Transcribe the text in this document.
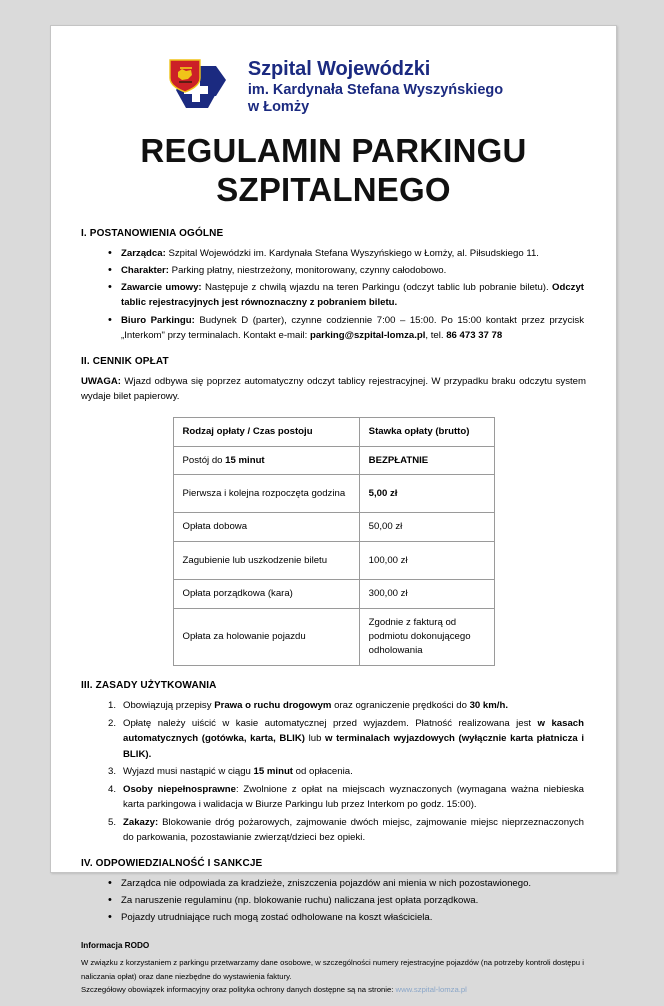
Szpital Wojewódzki
im. Kardynała Stefana Wyszyńskiego
w Łomży
REGULAMIN PARKINGU
SZPITALNEGO
I. POSTANOWIENIA OGÓLNE
• Zarządca: Szpital Wojewódzki im. Kardynała Stefana Wyszyńskiego w Łomży, al. Piłsudskiego 11.
• Charakter: Parking płatny, niestrzeżony, monitorowany, czynny całodobowo.
• Zawarcie umowy: Następuje z chwilą wjazdu na teren Parkingu (odczyt tablic lub pobranie biletu). Odczyt tablic rejestracyjnych jest równoznaczny z pobraniem biletu.
• Biuro Parkingu: Budynek D (parter), czynne codziennie 7:00 – 15:00. Po 15:00 kontakt przez przycisk „Interkom" przy terminalach. Kontakt e-mail: parking@szpital-lomza.pl, tel. 86 473 37 78
II. CENNIK OPŁAT

UWAGA: Wjazd odbywa się poprzez automatyczny odczyt tablicy rejestracyjnej. W przypadku braku odczytu system wydaje bilet papierowy.

Rodzaj opłaty / Czas postoju	Stawka opłaty (brutto)
Postój do 15 minut	BEZPŁATNIE
Pierwsza i kolejna rozpoczęta godzina	5,00 zł
Opłata dobowa	50,00 zł
Zagubienie lub uszkodzenie biletu	100,00 zł
Opłata porządkowa (kara)	300,00 zł
Opłata za holowanie pojazdu	Zgodnie z fakturą od podmiotu dokonującego odholowania
III. ZASADY UŻYTKOWANIA
Obowiązują przepisy Prawa o ruchu drogowym oraz ograniczenie prędkości do 30 km/h.
Opłatę należy uiścić w kasie automatycznej przed wyjazdem. Płatność realizowana jest w kasach automatycznych (gotówka, karta, BLIK) lub w terminalach wyjazdowych (wyłącznie karta płatnicza i BLIK).
Wyjazd musi nastąpić w ciągu 15 minut od opłacenia.
Osoby niepełnosprawne: Zwolnione z opłat na miejscach wyznaczonych (wymagana ważna niebieska karta parkingowa i walidacja w Biurze Parkingu lub przez Interkom po godz. 15:00).
Zakazy: Blokowanie dróg pożarowych, zajmowanie dwóch miejsc, zajmowanie miejsc nieprzeznaczonych do parkowania, pozostawianie zwierząt/dzieci bez opieki.
IV. ODPOWIEDZIALNOŚĆ I SANKCJE
• Zarządca nie odpowiada za kradzieże, zniszczenia pojazdów ani mienia w nich pozostawionego.
• Za naruszenie regulaminu (np. blokowanie ruchu) naliczana jest opłata porządkowa.
• Pojazdy utrudniające ruch mogą zostać odholowane na koszt właściciela.
Informacja RODO
W związku z korzystaniem z parkingu przetwarzamy dane osobowe, w szczególności numery rejestracyjne pojazdów (na potrzeby kontroli dostępu i naliczania opłat) oraz dane niezbędne do wystawienia faktury.
Szczegółowy obowiązek informacyjny oraz polityka ochrony danych dostępne są na stronie: www.szpital-lomza.pl
